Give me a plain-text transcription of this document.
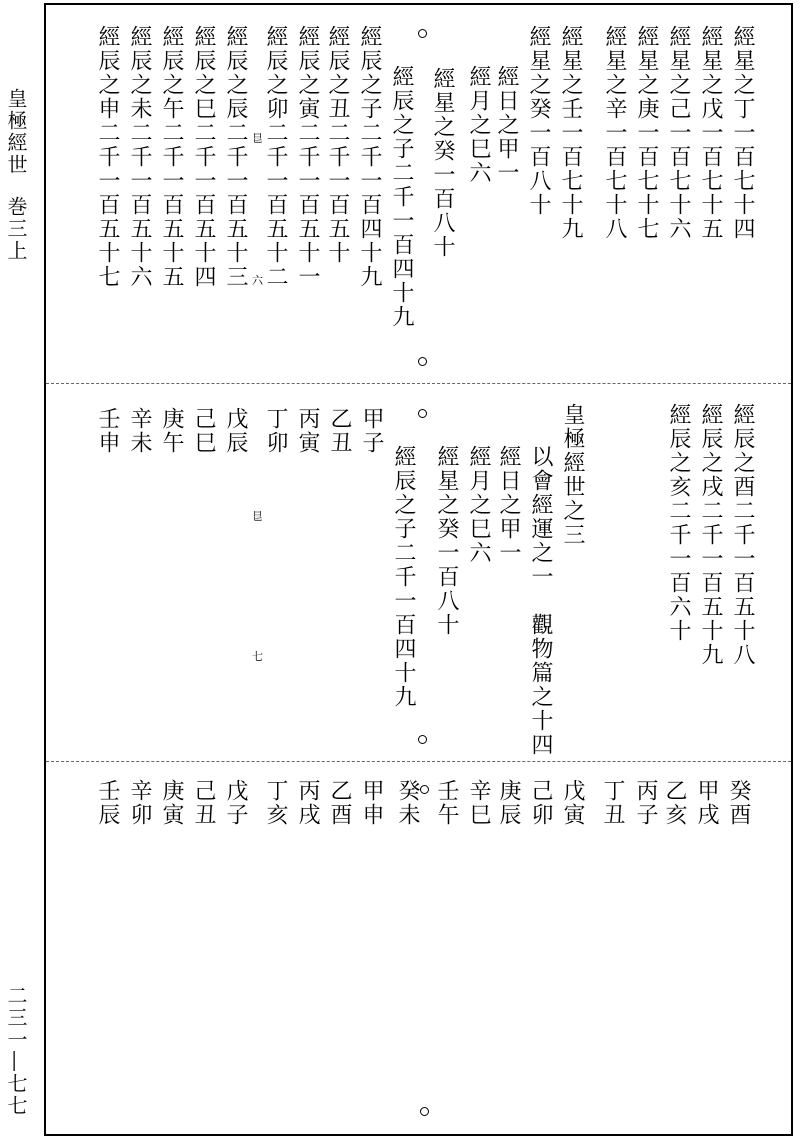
皇極經世
巻三上
二三一―七七
經星之丁一百七十四
經星之戊一百七十五
經星之己一百七十六
經星之庚一百七十七
經星之辛一百七十八
經星之壬一百七十九
經星之癸一百八十
經日之甲一
經月之巳六
經星之癸一百八十
經辰之子二千一百四十九
經辰之子二千一百四十九
經辰之丑二千一百五十
經辰之寅二千一百五十一
經辰之卯二千一百五十二
經辰之辰二千一百五十三
經辰之巳二千一百五十四
經辰之午二千一百五十五
經辰之未二千一百五十六
經辰之申二千一百五十七	𥃩
六
經辰之酉二千一百五十八
經辰之戌二千一百五十九
經辰之亥二千一百六十
皇極經世之三
以會經運之一　觀物篇之十四
經日之甲一
經月之巳六
經星之癸一百八十
經辰之子二千一百四十九
甲子
乙丑
丙寅
丁卯
戊辰
己巳
庚午
辛未
壬申
𥃩
七
癸酉
甲戌
乙亥
丙子
丁丑
戊寅
己卯
庚辰
辛巳
壬午
癸未
甲申
乙酉
丙戌
丁亥
戊子
己丑
庚寅
辛卯
壬辰
